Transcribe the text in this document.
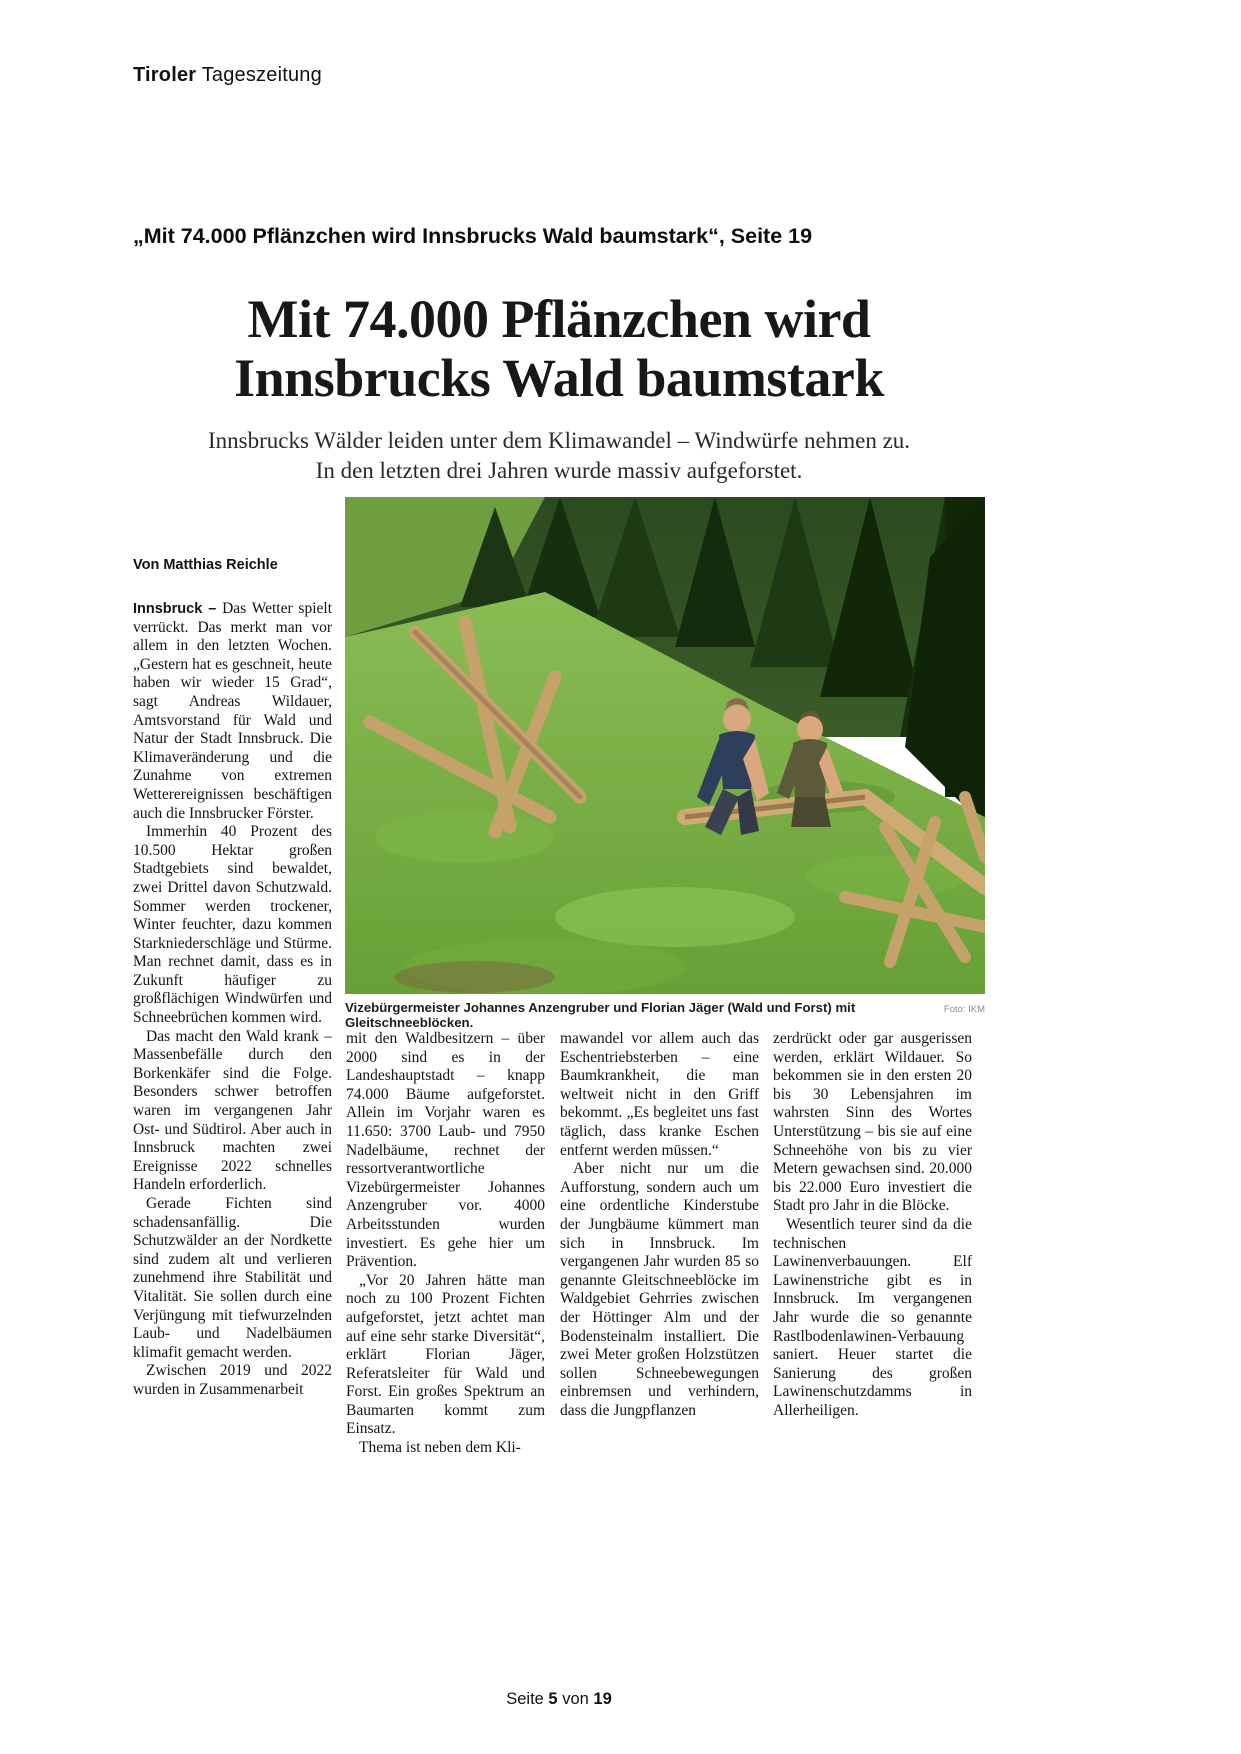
Tiroler Tageszeitung
„Mit 74.000 Pflänzchen wird Innsbrucks Wald baumstark“, Seite 19
Mit 74.000 Pflänzchen wird
Innsbrucks Wald baumstark
Innsbrucks Wälder leiden unter dem Klimawandel – Windwürfe nehmen zu. In den letzten drei Jahren wurde massiv aufgeforstet.
Von Matthias Reichle

Innsbruck – Das Wetter spielt verrückt. Das merkt man vor allem in den letzten Wochen. „Gestern hat es geschneit, heute haben wir wieder 15 Grad“, sagt Andreas Wildauer, Amtsvorstand für Wald und Natur der Stadt Innsbruck. Die Klimaveränderung und die Zunahme von extremen Wetterereignissen beschäftigen auch die Innsbrucker Förster.

Immerhin 40 Prozent des 10.500 Hektar großen Stadtgebiets sind bewaldet, zwei Drittel davon Schutzwald. Sommer werden trockener, Winter feuchter, dazu kommen Starkniederschläge und Stürme. Man rechnet damit, dass es in Zukunft häufiger zu großflächigen Windwürfen und Schneebrüchen kommen wird.

Das macht den Wald krank – Massenbefälle durch den Borkenkäfer sind die Folge. Besonders schwer betroffen waren im vergangenen Jahr Ost- und Südtirol. Aber auch in Innsbruck machten zwei Ereignisse 2022 schnelles Handeln erforderlich.

Gerade Fichten sind schadensanfällig. Die Schutzwälder an der Nordkette sind zudem alt und verlieren zunehmend ihre Stabilität und Vitalität. Sie sollen durch eine Verjüngung mit tiefwurzelnden Laub- und Nadelbäumen klimafit gemacht werden.

Zwischen 2019 und 2022 wurden in Zusammenarbeit

Vizebürgermeister Johannes Anzengruber und Florian Jäger (Wald und Forst) mit Gleitschneeblöcken.
Foto: IKM

mit den Waldbesitzern – über 2000 sind es in der Landeshauptstadt – knapp 74.000 Bäume aufgeforstet. Allein im Vorjahr waren es 11.650: 3700 Laub- und 7950 Nadelbäume, rechnet der ressortverantwortliche Vizebürgermeister Johannes Anzengruber vor. 4000 Arbeitsstunden wurden investiert. Es gehe hier um Prävention.

„Vor 20 Jahren hätte man noch zu 100 Prozent Fichten aufgeforstet, jetzt achtet man auf eine sehr starke Diversität“, erklärt Florian Jäger, Referatsleiter für Wald und Forst. Ein großes Spektrum an Baumarten kommt zum Einsatz.

Thema ist neben dem Kli-

mawandel vor allem auch das Eschentriebsterben – eine Baumkrankheit, die man weltweit nicht in den Griff bekommt. „Es begleitet uns fast täglich, dass kranke Eschen entfernt werden müssen.“

Aber nicht nur um die Aufforstung, sondern auch um eine ordentliche Kinderstube der Jungbäume kümmert man sich in Innsbruck. Im vergangenen Jahr wurden 85 so genannte Gleitschneeblöcke im Waldgebiet Gehrries zwischen der Höttinger Alm und der Bodensteinalm installiert. Die zwei Meter großen Holzstützen sollen Schneebewegungen einbremsen und verhindern, dass die Jungpflanzen

zerdrückt oder gar ausgerissen werden, erklärt Wildauer. So bekommen sie in den ersten 20 bis 30 Lebensjahren im wahrsten Sinn des Wortes Unterstützung – bis sie auf eine Schneehöhe von bis zu vier Metern gewachsen sind. 20.000 bis 22.000 Euro investiert die Stadt pro Jahr in die Blöcke.

Wesentlich teurer sind da die technischen Lawinenverbauungen. Elf Lawinenstriche gibt es in Innsbruck. Im vergangenen Jahr wurde die so genannte Rastlbodenlawinen-Verbauung saniert. Heuer startet die Sanierung des großen Lawinenschutzdamms in Allerheiligen.

Seite 5 von 19
